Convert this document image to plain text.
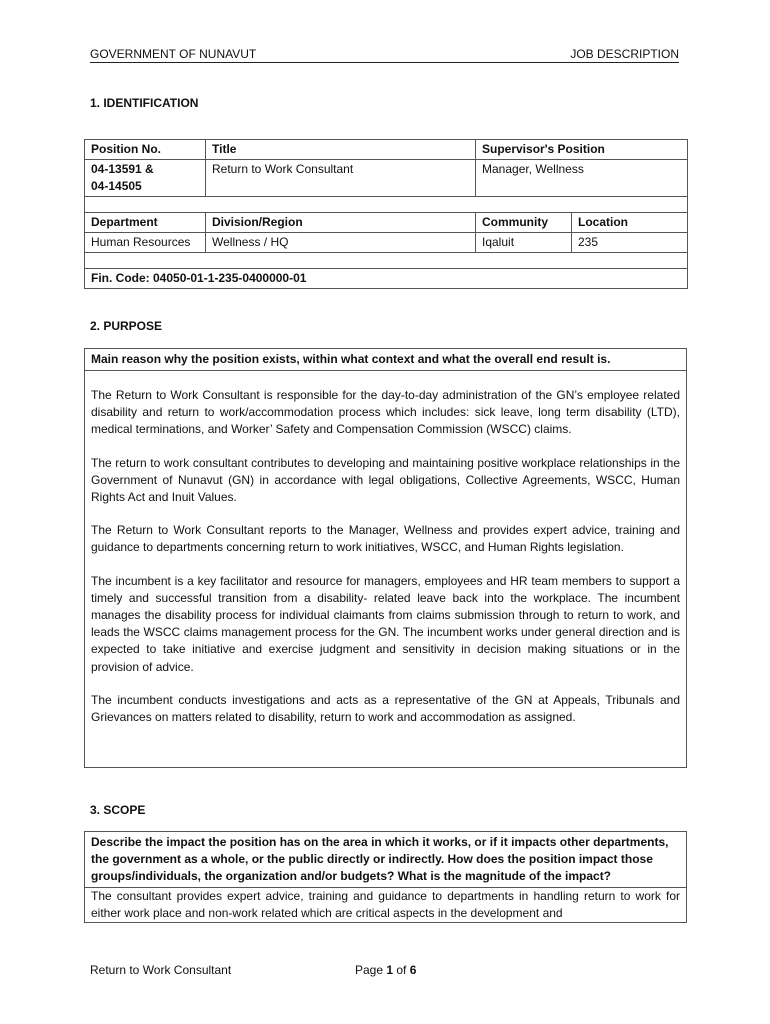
GOVERNMENT OF NUNAVUT	JOB DESCRIPTION
1. IDENTIFICATION
Position No.	Title	Supervisor's Position	
04-13591 &
04-14505	Return to Work Consultant	Manager, Wellness	

Department	Division/Region	Community	Location
Human Resources	Wellness / HQ	Iqaluit	235

Fin. Code: 04050-01-1-235-0400000-01			
2. PURPOSE
Main reason why the position exists, within what context and what the overall end result is.

The Return to Work Consultant is responsible for the day-to-day administration of the GN’s employee related disability and return to work/accommodation process which includes: sick leave, long term disability (LTD), medical terminations, and Worker’ Safety and Compensation Commission (WSCC) claims.

The return to work consultant contributes to developing and maintaining positive workplace relationships in the Government of Nunavut (GN) in accordance with legal obligations, Collective Agreements, WSCC, Human Rights Act and Inuit Values.

The Return to Work Consultant reports to the Manager, Wellness and provides expert advice, training and guidance to departments concerning return to work initiatives, WSCC, and Human Rights legislation.

The incumbent is a key facilitator and resource for managers, employees and HR team members to support a timely and successful transition from a disability- related leave back into the workplace. The incumbent manages the disability process for individual claimants from claims submission through to return to work, and leads the WSCC claims management process for the GN. The incumbent works under general direction and is expected to take initiative and exercise judgment and sensitivity in decision making situations or in the provision of advice.

The incumbent conducts investigations and acts as a representative of the GN at Appeals, Tribunals and Grievances on matters related to disability, return to work and accommodation as assigned.

3. SCOPE
Describe the impact the position has on the area in which it works, or if it impacts other departments, the government as a whole, or the public directly or indirectly. How does the position impact those groups/individuals, the organization and/or budgets? What is the magnitude of the impact?
The consultant provides expert advice, training and guidance to departments in handling return to work for either work place and non-work related which are critical aspects in the development and
Return to Work Consultant	Page 1 of 6
